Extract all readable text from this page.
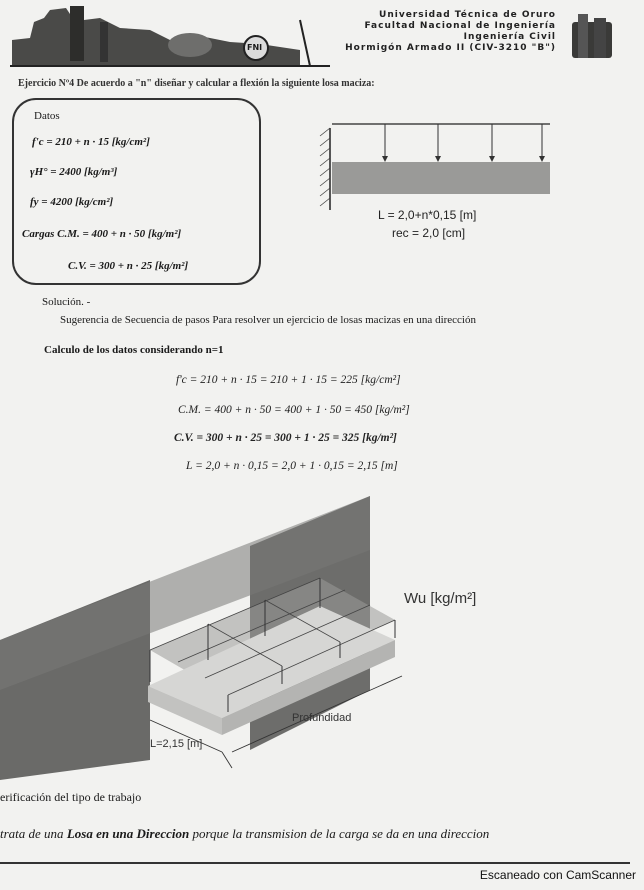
FNI
Universidad Técnica de Oruro
Facultad Nacional de Ingeniería
Ingeniería Civil
Hormigón Armado II (CIV-3210 "B")
Ejercicio Nº4 De acuerdo a "n" diseñar y calcular a flexión la siguiente losa maciza:
Datos
f'c = 210 + n · 15 [kg/cm²]
γH° = 2400 [kg/m³]
fy = 4200 [kg/cm²]
Cargas C.M. = 400 + n · 50 [kg/m²]
C.V. = 300 + n · 25 [kg/m²]
L = 2,0+n*0,15 [m]
rec = 2,0 [cm]
Solución. -
Sugerencia de Secuencia de pasos Para resolver un ejercicio de losas macizas en una dirección
Calculo de los datos considerando n=1
f'c = 210 + n · 15 = 210 + 1 · 15 = 225 [kg/cm²]
C.M. = 400 + n · 50 = 400 + 1 · 50 = 450 [kg/m²]
C.V. = 300 + n · 25 = 300 + 1 · 25 = 325 [kg/m²]
L = 2,0 + n · 0,15 = 2,0 + 1 · 0,15 = 2,15 [m]
Wu [kg/m²]
Profundidad
L=2,15 [m]
erificación del tipo de trabajo
trata de una Losa en una Direccion porque la transmision de la carga se da en una direccion
Escaneado con CamScanner
